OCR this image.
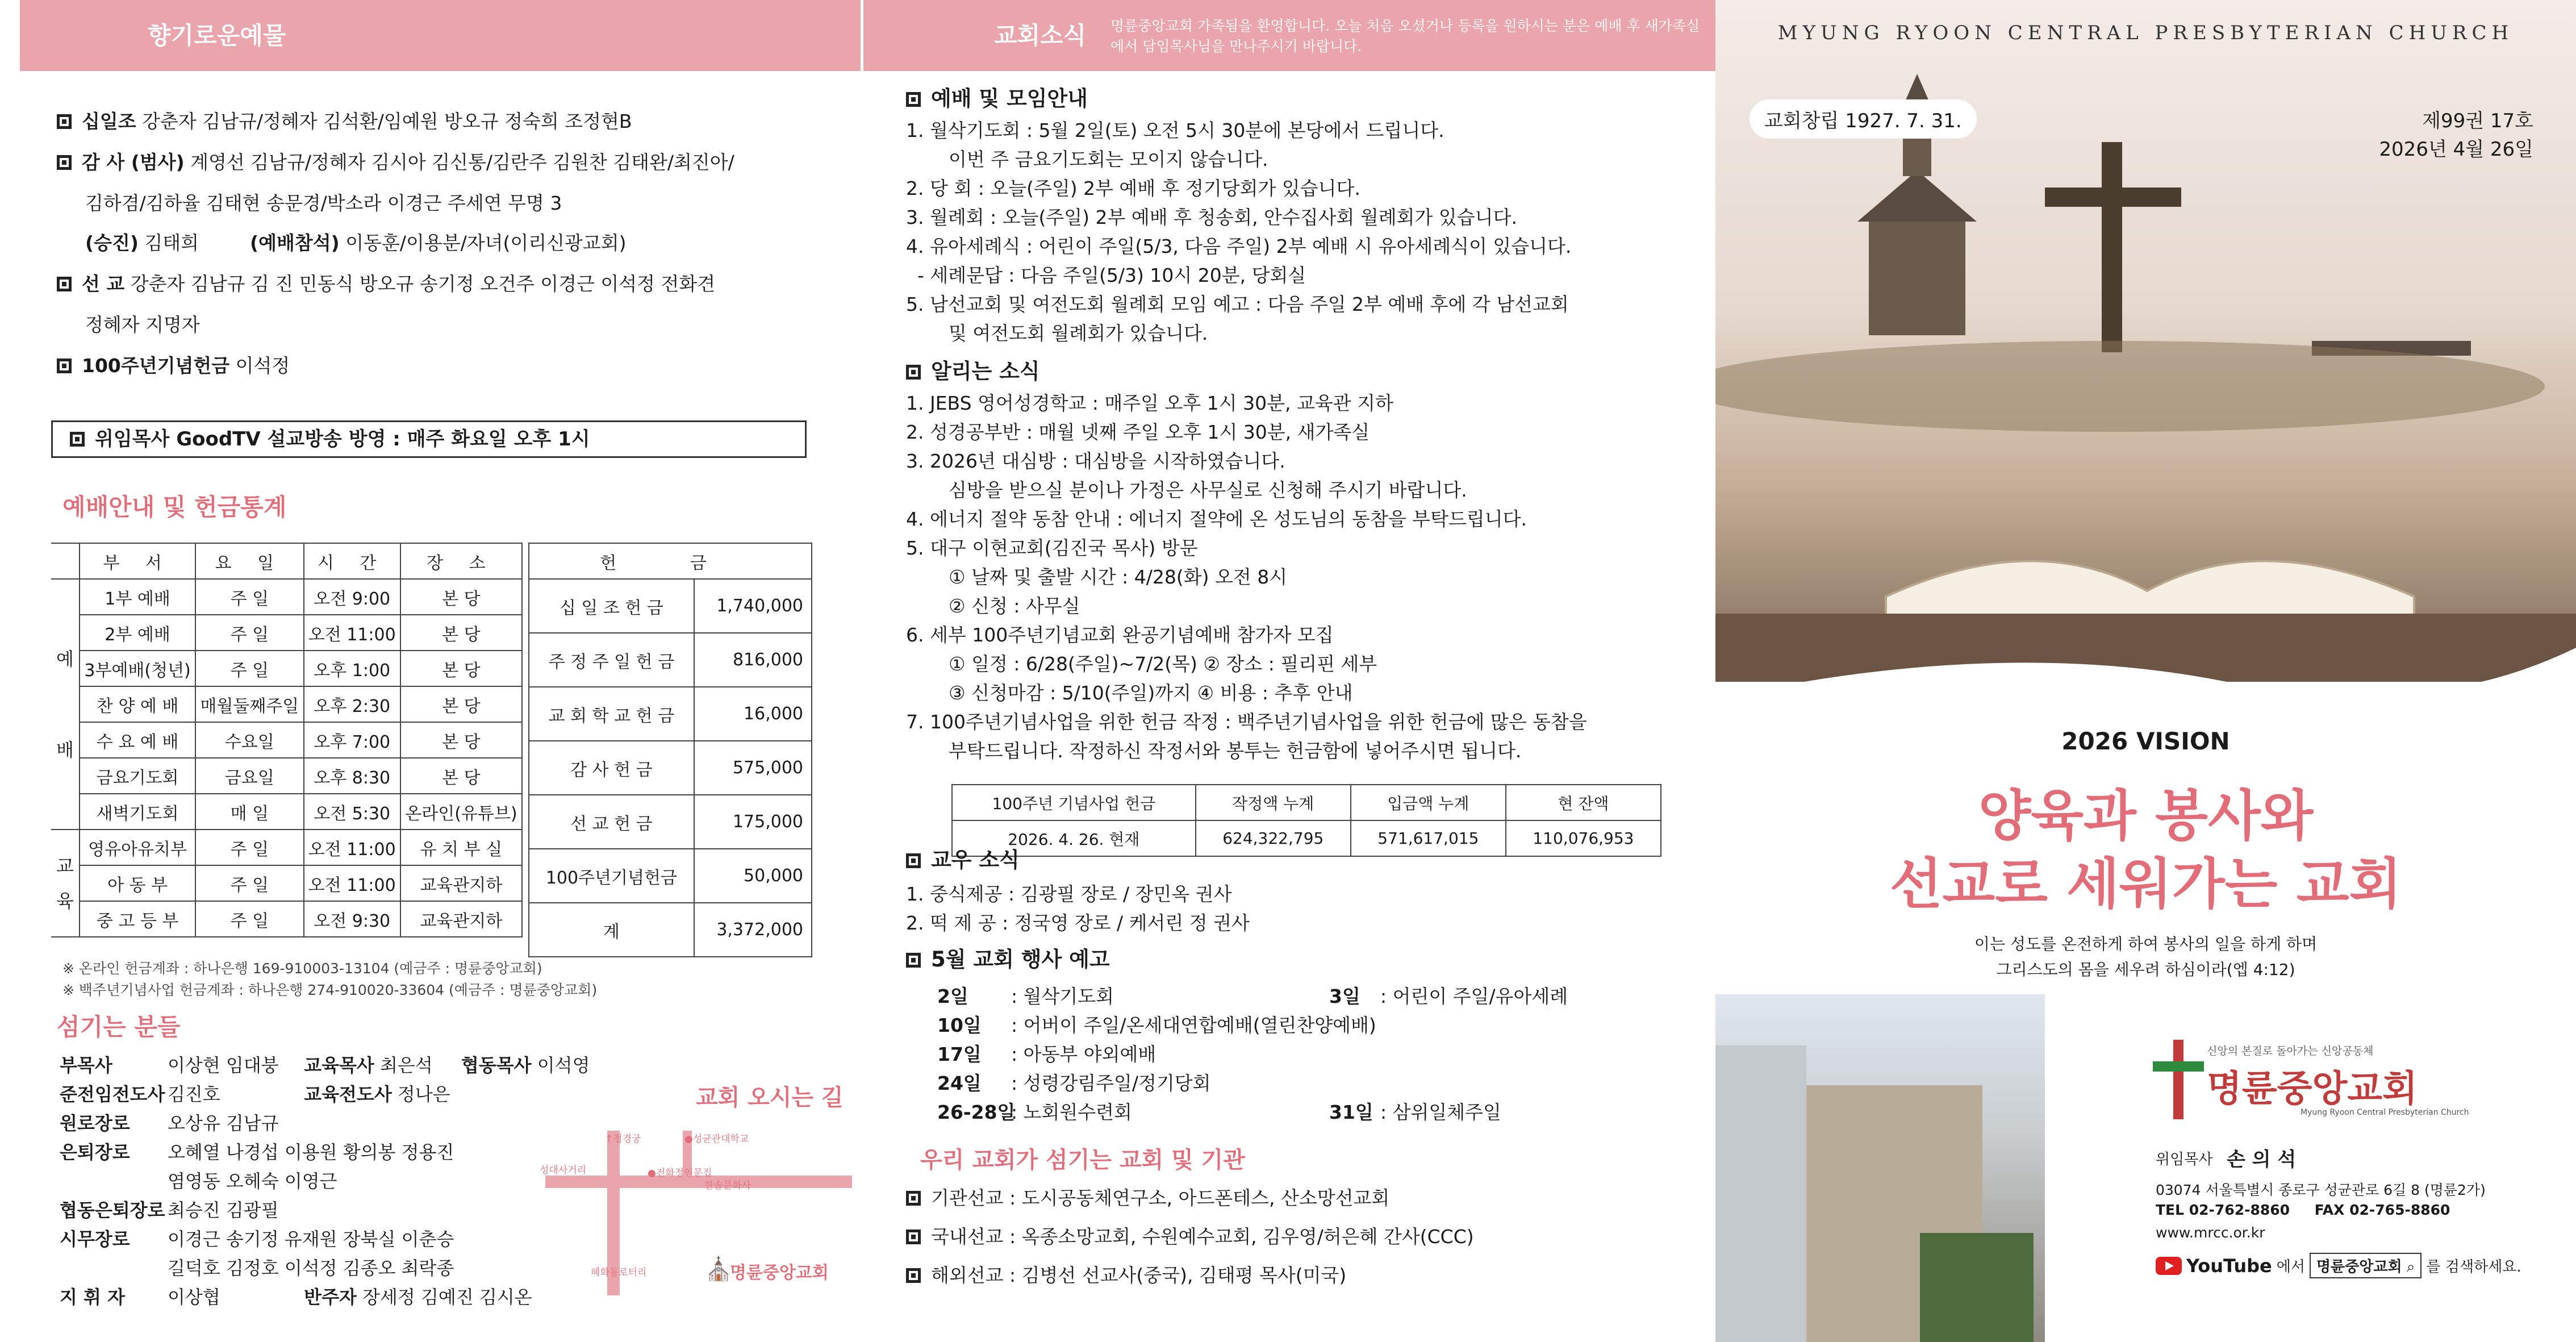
향기로운예물
십일조 강춘자 김남규/정혜자 김석환/임예원 방오규 정숙희 조정현B
감 사 (범사) 계영선 김남규/정혜자 김시아 김신통/김란주 김원찬 김태완/최진아/
김하겸/김하율 김태현 송문경/박소라 이경근 주세연 무명 3
(승진) 김태희	(예배참석) 이동훈/이용분/자녀(이리신광교회)
선 교 강춘자 김남규 김 진 민동식 방오규 송기정 오건주 이경근 이석정 전화견
정혜자 지명자
100주년기념헌금 이석정
위임목사 GoodTV 설교방송 방영 : 매주 화요일 오후 1시
예배안내 및 헌금통계
	부 서	요 일	시 간	장 소
예

배	1부 예배	주 일	오전 9:00	본 당
	2부 예배	주 일	오전 11:00	본 당
	3부예배(청년)	주 일	오후 1:00	본 당
	찬 양 예 배	매월둘째주일	오후 2:30	본 당
	수 요 예 배	수요일	오후 7:00	본 당
	금요기도회	금요일	오후 8:30	본 당
	새벽기도회	매 일	오전 5:30	온라인(유튜브)
교
육	영유아유치부	주 일	오전 11:00	유 치 부 실
	아 동 부	주 일	오전 11:00	교육관지하
	중 고 등 부	주 일	오전 9:30	교육관지하
헌 금	
십 일 조 헌 금	1,740,000
주 정 주 일 헌 금	816,000
교 회 학 교 헌 금	16,000
감 사 헌 금	575,000
선 교 헌 금	175,000
100주년기념헌금	50,000
계	3,372,000
※ 온라인 헌금계좌 : 하나은행 169-910003-13104 (예금주 : 명륜중앙교회)
※ 백주년기념사업 헌금계좌 : 하나은행 274-910020-33604 (예금주 : 명륜중앙교회)
섬기는 분들
부목사	이상현 임대붕 교육목사 최은석 협동목사 이석영
준전임전도사 김진호	교육전도사 정나은
원로장로 오상유 김남규
은퇴장로 오혜열 나경섭 이용원 황의봉 정용진
염영동 오헤숙 이영근
협동은퇴장로 최승진 김광필
시무장로 이경근 송기정 유재원 장북실 이춘승
길덕호 김정호 이석정 김종오 최락종
지 휘 자 이상협	반주자 장세정 김예진 김시온
교회 오시는 길
↑정경궁	●성균관대학교
성대사거리	●전화정인문집
한솔문화사
혜화동로터리	⛪
명륜중앙교회
교회소식 명륜중앙교회 가족됨을 환영합니다. 오늘 처음 오셨거나 등록을 원하시는 분은 예배 후 새가족실에서 담임목사님을 만나주시기 바랍니다.
예배 및 모임안내
1. 월삭기도회 : 5월 2일(토) 오전 5시 30분에 본당에서 드립니다.
이번 주 금요기도회는 모이지 않습니다.
2. 당 회 : 오늘(주일) 2부 예배 후 정기당회가 있습니다.
3. 월례회 : 오늘(주일) 2부 예배 후 청송회, 안수집사회 월례회가 있습니다.
4. 유아세례식 : 어린이 주일(5/3, 다음 주일) 2부 예배 시 유아세례식이 있습니다.
- 세례문답 : 다음 주일(5/3) 10시 20분, 당회실
5. 남선교회 및 여전도회 월례회 모임 예고 : 다음 주일 2부 예배 후에 각 남선교회
및 여전도회 월례회가 있습니다.
알리는 소식
1. JEBS 영어성경학교 : 매주일 오후 1시 30분, 교육관 지하
2. 성경공부반 : 매월 넷째 주일 오후 1시 30분, 새가족실
3. 2026년 대심방 : 대심방을 시작하였습니다.
심방을 받으실 분이나 가정은 사무실로 신청해 주시기 바랍니다.
4. 에너지 절약 동참 안내 : 에너지 절약에 온 성도님의 동참을 부탁드립니다.
5. 대구 이현교회(김진국 목사) 방문
① 날짜 및 출발 시간 : 4/28(화) 오전 8시
② 신청 : 사무실
6. 세부 100주년기념교회 완공기념예배 참가자 모집
① 일정 : 6/28(주일)~7/2(목) ② 장소 : 필리핀 세부
③ 신청마감 : 5/10(주일)까지 ④ 비용 : 추후 안내
7. 100주년기념사업을 위한 헌금 작정 : 백주년기념사업을 위한 헌금에 많은 동참을
부탁드립니다. 작정하신 작정서와 봉투는 헌금함에 넣어주시면 됩니다.
100주년 기념사업 헌금	작정액 누계	입금액 누계	현 잔액
2026. 4. 26. 현재	624,322,795	571,617,015	110,076,953
교우 소식
1. 중식제공 : 김광필 장로 / 장민옥 권사
2. 떡 제 공 : 정국영 장로 / 케서린 정 권사
5월 교회 행사 예고
2일 : 월삭기도회	3일 : 어린이 주일/유아세례
10일 : 어버이 주일/온세대연합예배(열린찬양예배)
17일 : 아동부 야외예배
24일 : 성령강림주일/정기당회
26-28일: 노회원수련회	31일 : 삼위일체주일
우리 교회가 섬기는 교회 및 기관
기관선교 : 도시공동체연구소, 아드폰테스, 산소망선교회
국내선교 : 옥종소망교회, 수원예수교회, 김우영/허은혜 간사(CCC)
해외선교 : 김병선 선교사(중국), 김태평 목사(미국)
MYUNG RYOON CENTRAL PRESBYTERIAN CHURCH
교회창립 1927. 7. 31.	제99권 17호
2026년 4월 26일
2026 VISION
양육과 봉사와
선교로 세워가는 교회
이는 성도를 온전하게 하여 봉사의 일을 하게 하며
그리스도의 몸을 세우려 하심이라(엡 4:12)
신앙의 본질로 돌아가는 신앙공동체
명륜중앙교회
Myung Ryoon Central Presbyterian Church
위임목사 손 의 석
03074 서울특별시 종로구 성균관로 6길 8 (명륜2가)
TEL 02-762-8860     FAX 02-765-8860
www.mrcc.or.kr
YouTube 에서 명륜중앙교회 ⌕ 를 검색하세요.
